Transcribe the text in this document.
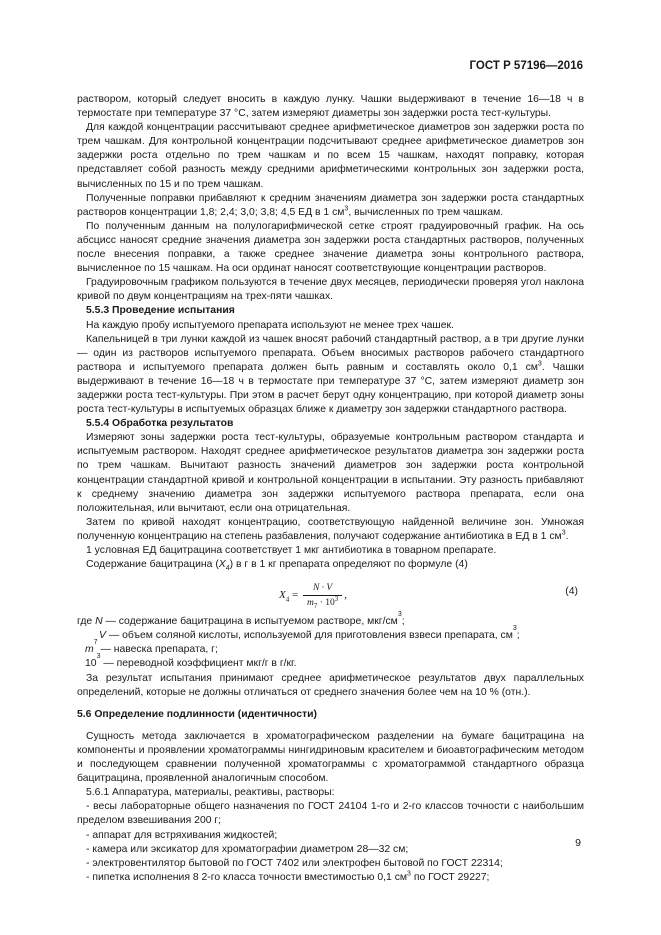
ГОСТ Р 57196—2016

раствором, который следует вносить в каждую лунку. Чашки выдерживают в течение 16—18 ч в термостате при температуре 37 °С, затем измеряют диаметры зон задержки роста тест-культуры.

Для каждой концентрации рассчитывают среднее арифметическое диаметров зон задержки роста по трем чашкам. Для контрольной концентрации подсчитывают среднее арифметическое диаметров зон задержки роста отдельно по трем чашкам и по всем 15 чашкам, находят поправку, которая представляет собой разность между средними арифметическими контрольных зон задержки роста, вычисленных по 15 и по трем чашкам.

Полученные поправки прибавляют к средним значениям диаметра зон задержки роста стандартных растворов концентрации 1,8; 2,4; 3,0; 3,8; 4,5 ЕД в 1 $см^3$, вычисленных по трем чашкам.

По полученным данным на полулогарифмической сетке строят градуировочный график. На ось абсцисс наносят средние значения диаметра зон задержки роста стандартных растворов, полученных после внесения поправки, а также среднее значение диаметра зоны контрольного раствора, вычисленное по 15 чашкам. На оси ординат наносят соответствующие концентрации растворов.

Градуировочным графиком пользуются в течение двух месяцев, периодически проверяя угол наклона кривой по двум концентрациям на трех-пяти чашках.

5.5.3 Проведение испытания

На каждую пробу испытуемого препарата используют не менее трех чашек.

Капельницей в три лунки каждой из чашек вносят рабочий стандартный раствор, а в три другие лунки — один из растворов испытуемого препарата. Объем вносимых растворов рабочего стандартного раствора и испытуемого препарата должен быть равным и составлять около 0,1 $см^3$. Чашки выдерживают в течение 16—18 ч в термостате при температуре 37 °С, затем измеряют диаметр зон задержки роста тест-культуры. При этом в расчет берут одну концентрацию, при которой диаметр зоны роста тест-культуры в испытуемых образцах ближе к диаметру зон задержки стандартного раствора.

5.5.4 Обработка результатов

Измеряют зоны задержки роста тест-культуры, образуемые контрольным раствором стандарта и испытуемым раствором. Находят среднее арифметическое результатов диаметра зон задержки роста по трем чашкам. Вычитают разность значений диаметров зон задержки роста контрольной концентрации стандартной кривой и контрольной концентрации в испытании. Эту разность прибавляют к среднему значению диаметра зон задержки испытуемого раствора препарата, если она положительная, или вычитают, если она отрицательная.

Затем по кривой находят концентрацию, соответствующую найденной величине зон. Умножая полученную концентрацию на степень разбавления, получают содержание антибиотика в ЕД в 1 $см^3$.

1 условная ЕД бацитрацина соответствует 1 мкг антибиотика в товарном препарате.

Содержание бацитрацина $(X_4)$ в г в 1 кг препарата определяют по формуле (4)

$X_4 = \frac{N \cdot V}{m_7 \cdot 10^3}$ ,	(4)
где N — содержание бацитрацина в испытуемом растворе, мкг/см
3
;
V — объем соляной кислоты, используемой для приготовления взвеси препарата, см
3
;
m
7
— навеска препарата, г;
10
3
— переводной коэффициент мкг/г в г/кг.

За результат испытания принимают среднее арифметическое результатов двух параллельных определений, которые не должны отличаться от среднего значения более чем на 10 % (отн.).

5.6 Определение подлинности (идентичности)

Сущность метода заключается в хроматографическом разделении на бумаге бацитрацина на компоненты и проявлении хроматограммы нингидриновым красителем и биоавтографическим методом и последующем сравнении полученной хроматограммы с хроматограммой стандартного образца бацитрацина, проявленной аналогичным способом.

5.6.1 Аппаратура, материалы, реактивы, растворы:

- весы лабораторные общего назначения по ГОСТ 24104 1-го и 2-го классов точности с наибольшим пределом взвешивания 200 г;

- аппарат для встряхивания жидкостей;

- камера или эксикатор для хроматографии диаметром 28—32 см;

- электровентилятор бытовой по ГОСТ 7402 или электрофен бытовой по ГОСТ 22314;

- пипетка исполнения 8 2-го класса точности вместимостью 0,1 $см^3$ по ГОСТ 29227;

9
